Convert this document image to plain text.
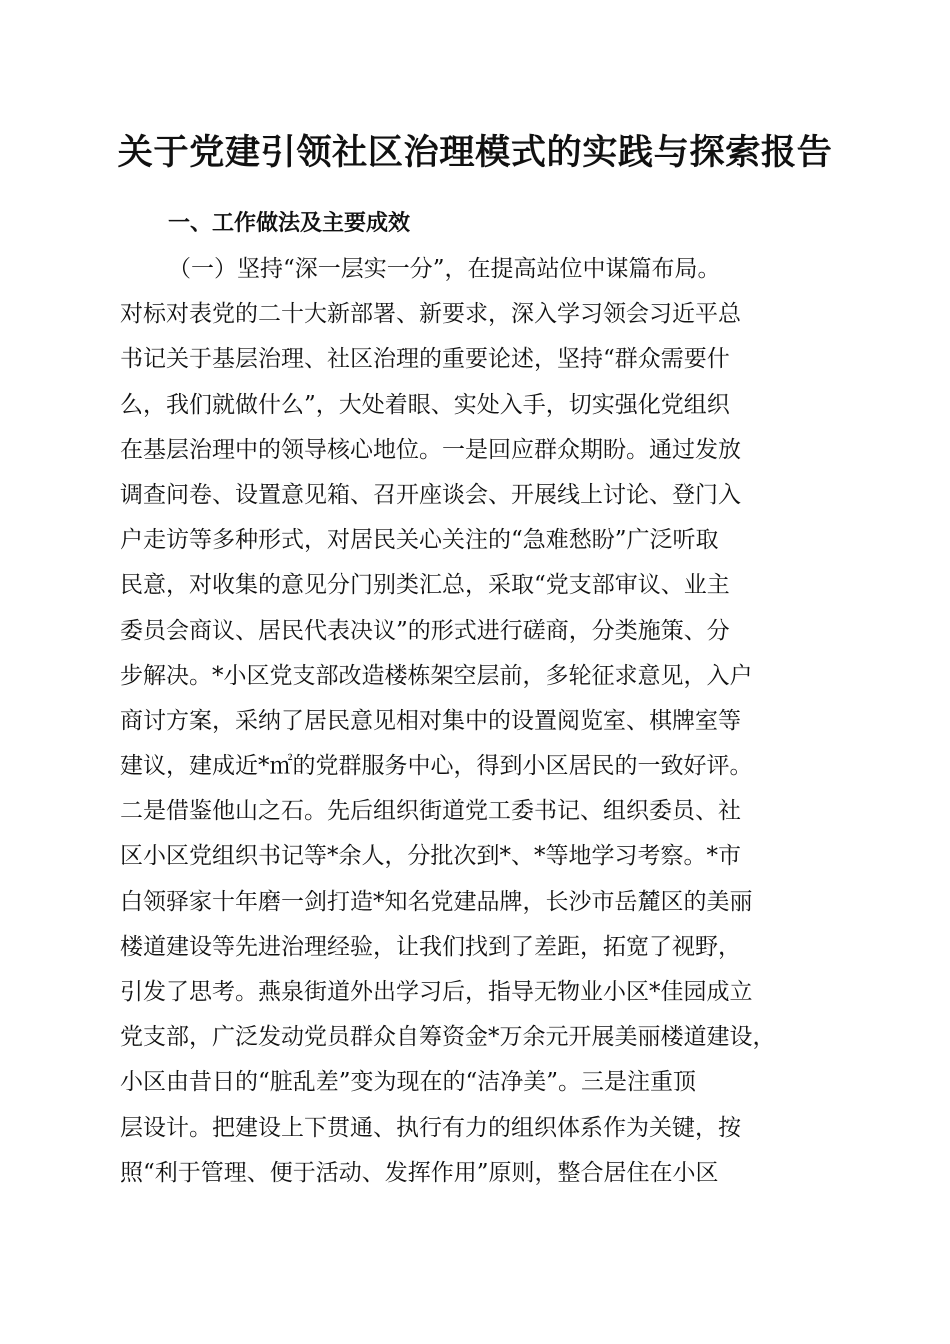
关于党建引领社区治理模式的实践与探索报告
一、工作做法及主要成效
（一）坚持“深一层实一分”，在提高站位中谋篇布局。
对标对表党的二十大新部署、新要求，深入学习领会习近平总
书记关于基层治理、社区治理的重要论述，坚持“群众需要什
么，我们就做什么”，大处着眼、实处入手，切实强化党组织
在基层治理中的领导核心地位。一是回应群众期盼。通过发放
调查问卷、设置意见箱、召开座谈会、开展线上讨论、登门入
户走访等多种形式，对居民关心关注的“急难愁盼”广泛听取
民意，对收集的意见分门别类汇总，采取“党支部审议、业主
委员会商议、居民代表决议”的形式进行磋商，分类施策、分
步解决。*小区党支部改造楼栋架空层前，多轮征求意见，入户
商讨方案，采纳了居民意见相对集中的设置阅览室、棋牌室等
建议，建成近*㎡的党群服务中心，得到小区居民的一致好评。
二是借鉴他山之石。先后组织街道党工委书记、组织委员、社
区小区党组织书记等*余人，分批次到*、*等地学习考察。*市
白领驿家十年磨一剑打造*知名党建品牌，长沙市岳麓区的美丽
楼道建设等先进治理经验，让我们找到了差距，拓宽了视野，
引发了思考。燕泉街道外出学习后，指导无物业小区*佳园成立
党支部，广泛发动党员群众自筹资金*万余元开展美丽楼道建设，
小区由昔日的“脏乱差”变为现在的“洁净美”。三是注重顶
层设计。把建设上下贯通、执行有力的组织体系作为关键，按
照“利于管理、便于活动、发挥作用”原则，整合居住在小区
